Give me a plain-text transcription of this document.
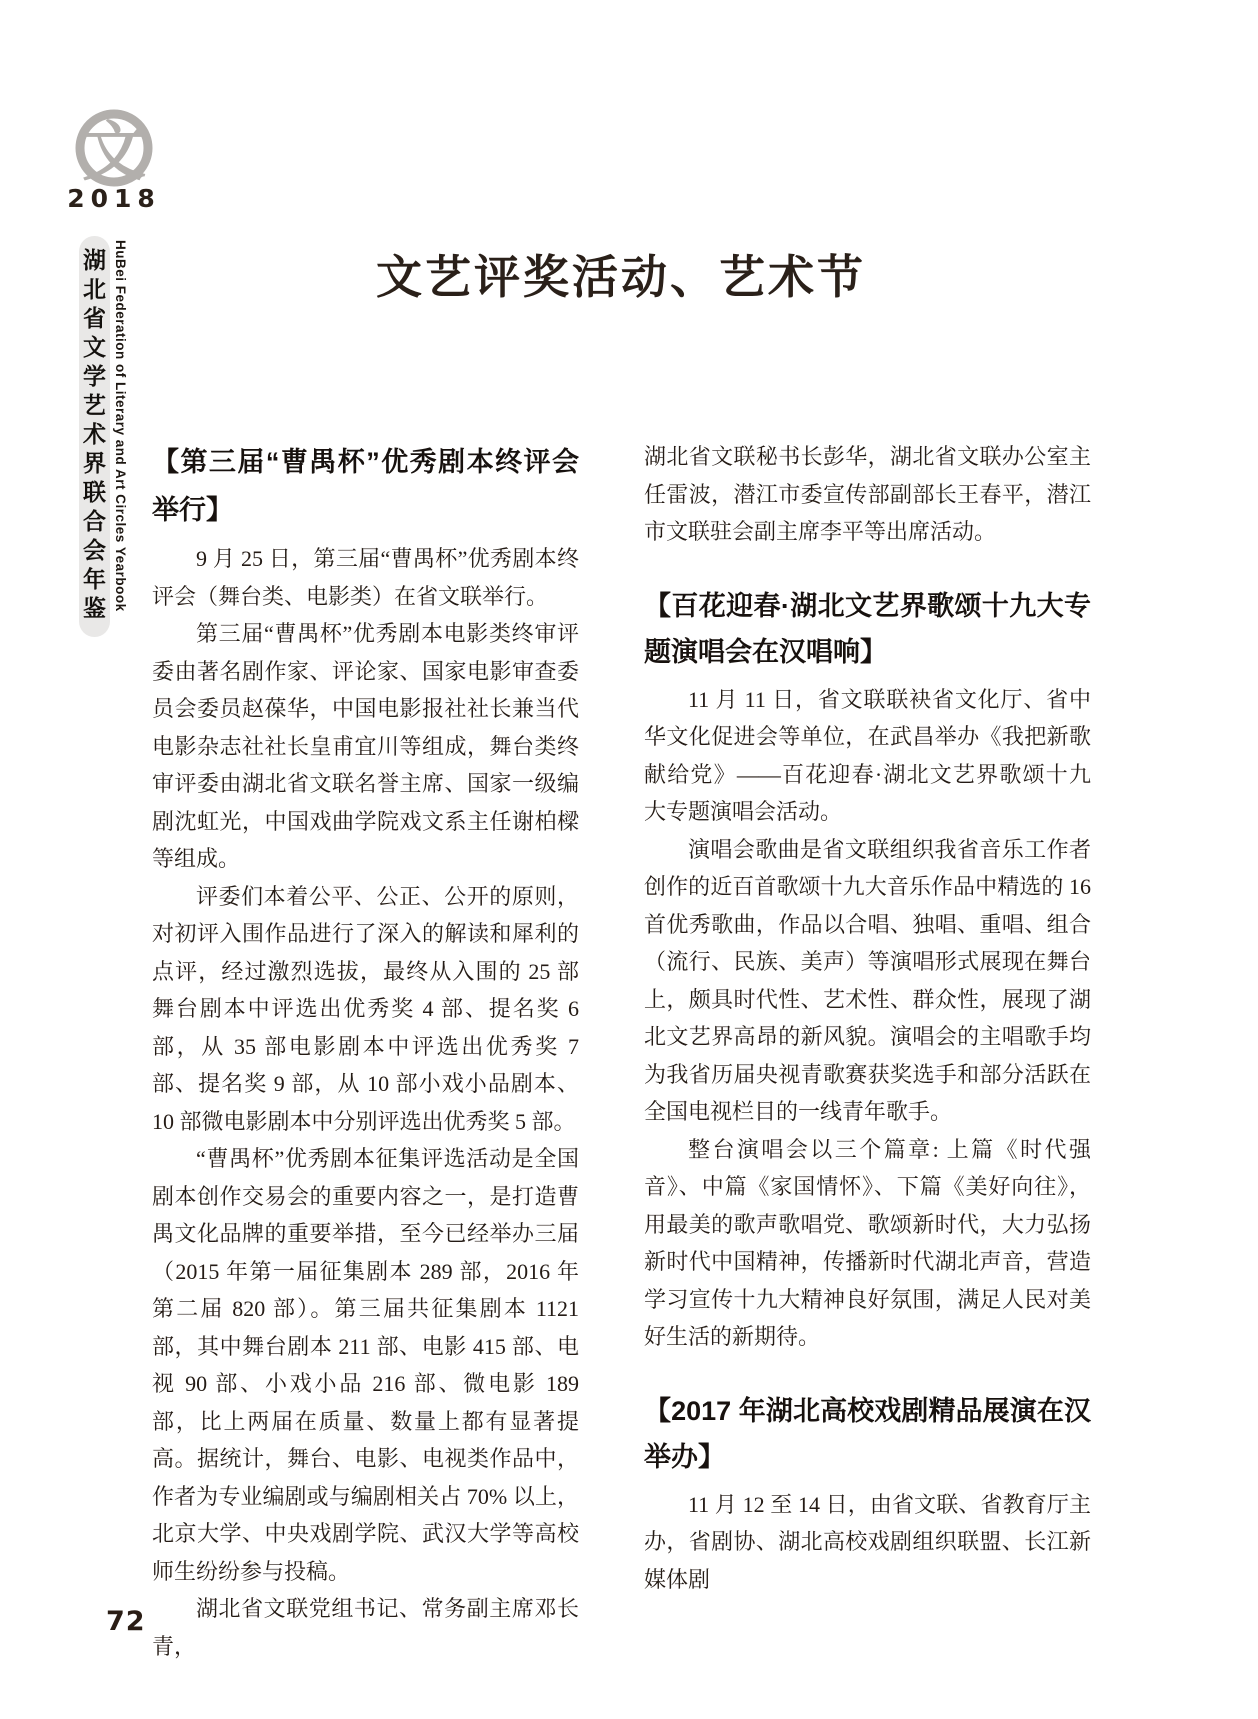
文
2018
湖北省文学艺术界联合会年鉴 HuBei Federation of Literary and Art Circles Yearbook	文艺评奖活动、艺术节
【第三届“曹禺杯”优秀剧本终评会举行】

9 月 25 日，第三届“曹禺杯”优秀剧本终评会（舞台类、电影类）在省文联举行。

第三届“曹禺杯”优秀剧本电影类终审评委由著名剧作家、评论家、国家电影审查委员会委员赵葆华，中国电影报社社长兼当代电影杂志社社长皇甫宜川等组成，舞台类终审评委由湖北省文联名誉主席、国家一级编剧沈虹光，中国戏曲学院戏文系主任谢柏樑等组成。

评委们本着公平、公正、公开的原则，对初评入围作品进行了深入的解读和犀利的点评，经过激烈选拔，最终从入围的 25 部舞台剧本中评选出优秀奖 4 部、提名奖 6 部，从 35 部电影剧本中评选出优秀奖 7 部、提名奖 9 部，从 10 部小戏小品剧本、10 部微电影剧本中分别评选出优秀奖 5 部。

“曹禺杯”优秀剧本征集评选活动是全国剧本创作交易会的重要内容之一，是打造曹禺文化品牌的重要举措，至今已经举办三届（2015 年第一届征集剧本 289 部，2016 年第二届 820 部）。第三届共征集剧本 1121 部，其中舞台剧本 211 部、电影 415 部、电视 90 部、小戏小品 216 部、微电影 189 部，比上两届在质量、数量上都有显著提高。据统计，舞台、电影、电视类作品中，作者为专业编剧或与编剧相关占 70% 以上，北京大学、中央戏剧学院、武汉大学等高校师生纷纷参与投稿。

湖北省文联党组书记、常务副主席邓长青，

湖北省文联秘书长彭华，湖北省文联办公室主任雷波，潜江市委宣传部副部长王春平，潜江市文联驻会副主席李平等出席活动。

【百花迎春·湖北文艺界歌颂十九大专题演唱会在汉唱响】

11 月 11 日，省文联联袂省文化厅、省中华文化促进会等单位，在武昌举办《我把新歌献给党》——百花迎春·湖北文艺界歌颂十九大专题演唱会活动。

演唱会歌曲是省文联组织我省音乐工作者创作的近百首歌颂十九大音乐作品中精选的 16 首优秀歌曲，作品以合唱、独唱、重唱、组合（流行、民族、美声）等演唱形式展现在舞台上，颇具时代性、艺术性、群众性，展现了湖北文艺界高昂的新风貌。演唱会的主唱歌手均为我省历届央视青歌赛获奖选手和部分活跃在全国电视栏目的一线青年歌手。

整台演唱会以三个篇章: 上篇《时代强音》、中篇《家国情怀》、下篇《美好向往》，用最美的歌声歌唱党、歌颂新时代，大力弘扬新时代中国精神，传播新时代湖北声音，营造学习宣传十九大精神良好氛围，满足人民对美好生活的新期待。

【2017 年湖北高校戏剧精品展演在汉举办】

11 月 12 至 14 日，由省文联、省教育厅主办，省剧协、湖北高校戏剧组织联盟、长江新媒体剧

72
